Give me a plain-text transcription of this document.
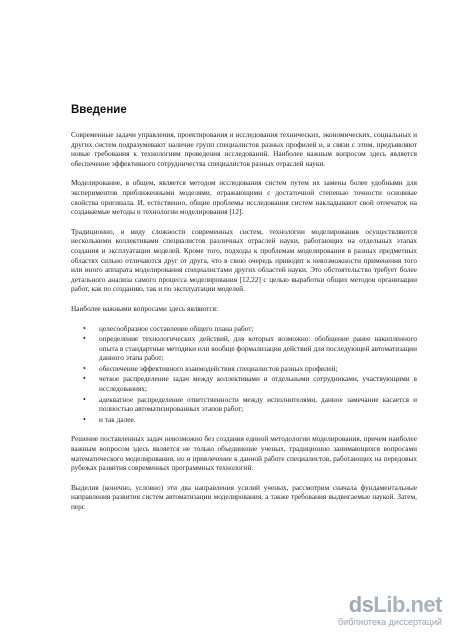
Введение

Современные задачи управления, проектирования и исследования технических, экономических, социальных и других систем подразумевают наличие групп специалистов разных профилей и, в связи с этим, предъявляют новые требования к технологиям проведения исследований. Наиболее важным вопросом здесь является обеспечение эффективного сотрудничества специалистов разных отраслей науки.

Моделирование, в общем, является методом исследования систем путем их замены более удобными для экспериментов приближенными моделями, отражающими с достаточной степенью точности основные свойства оригинала. И, естественно, общие проблемы исследования систем накладывают свой отпечаток на создаваемые методы и технологии моделирования [12].

Традиционно, в виду сложности современных систем, технологии моделирования осуществляются несколькими коллективами специалистов различных отраслей науки, работающих на отдельных этапах создания и эксплуатации моделей. Кроме того, подходы к проблемам моделирования в разных предметных областях сильно отличаются друг от друга, что в свою очередь приводит к невозможности применения того или иного аппарата моделирования специалистами других областей науки. Это обстоятельство требует более детального анализа самого процесса моделирования [12,22] с целью выработки общих методов организации работ, как по созданию, так и по эксплуатации моделей.

Наиболее важными вопросами здесь являются:

• целесообразное составление общего плана работ;
• определение технологических действий, для которых возможно: обобщение ранее накопленного опыта в стандартные методики или вообще формализация действий для последующей автоматизации данного этапа работ;
• обеспечение эффективного взаимодействия специалистов разных профилей;
• четкое распределение задач между коллективами и отдельными сотрудниками, участвующими в исследованиях;
• адекватное распределение ответственности между исполнителями, данное замечание касается и полностью автоматизированных этапов работ;
• и так далее.

Решение поставленных задач невозможно без создания единой методологии моделирования, причем наиболее важным вопросом здесь является не только объединение ученых, традиционно занимающихся вопросами математического моделирования, но и привлечение к данной работе специалистов, работающих на передовых рубежах развития современных программных технологий.

Выделив (конечно, условно) эти два направления усилий ученых, рассмотрим сначала фундаментальные направления развития систем автоматизации моделирования, а также требования выдвигаемые наукой. Затем, перс

dsLib.net
библиотека диссертаций
